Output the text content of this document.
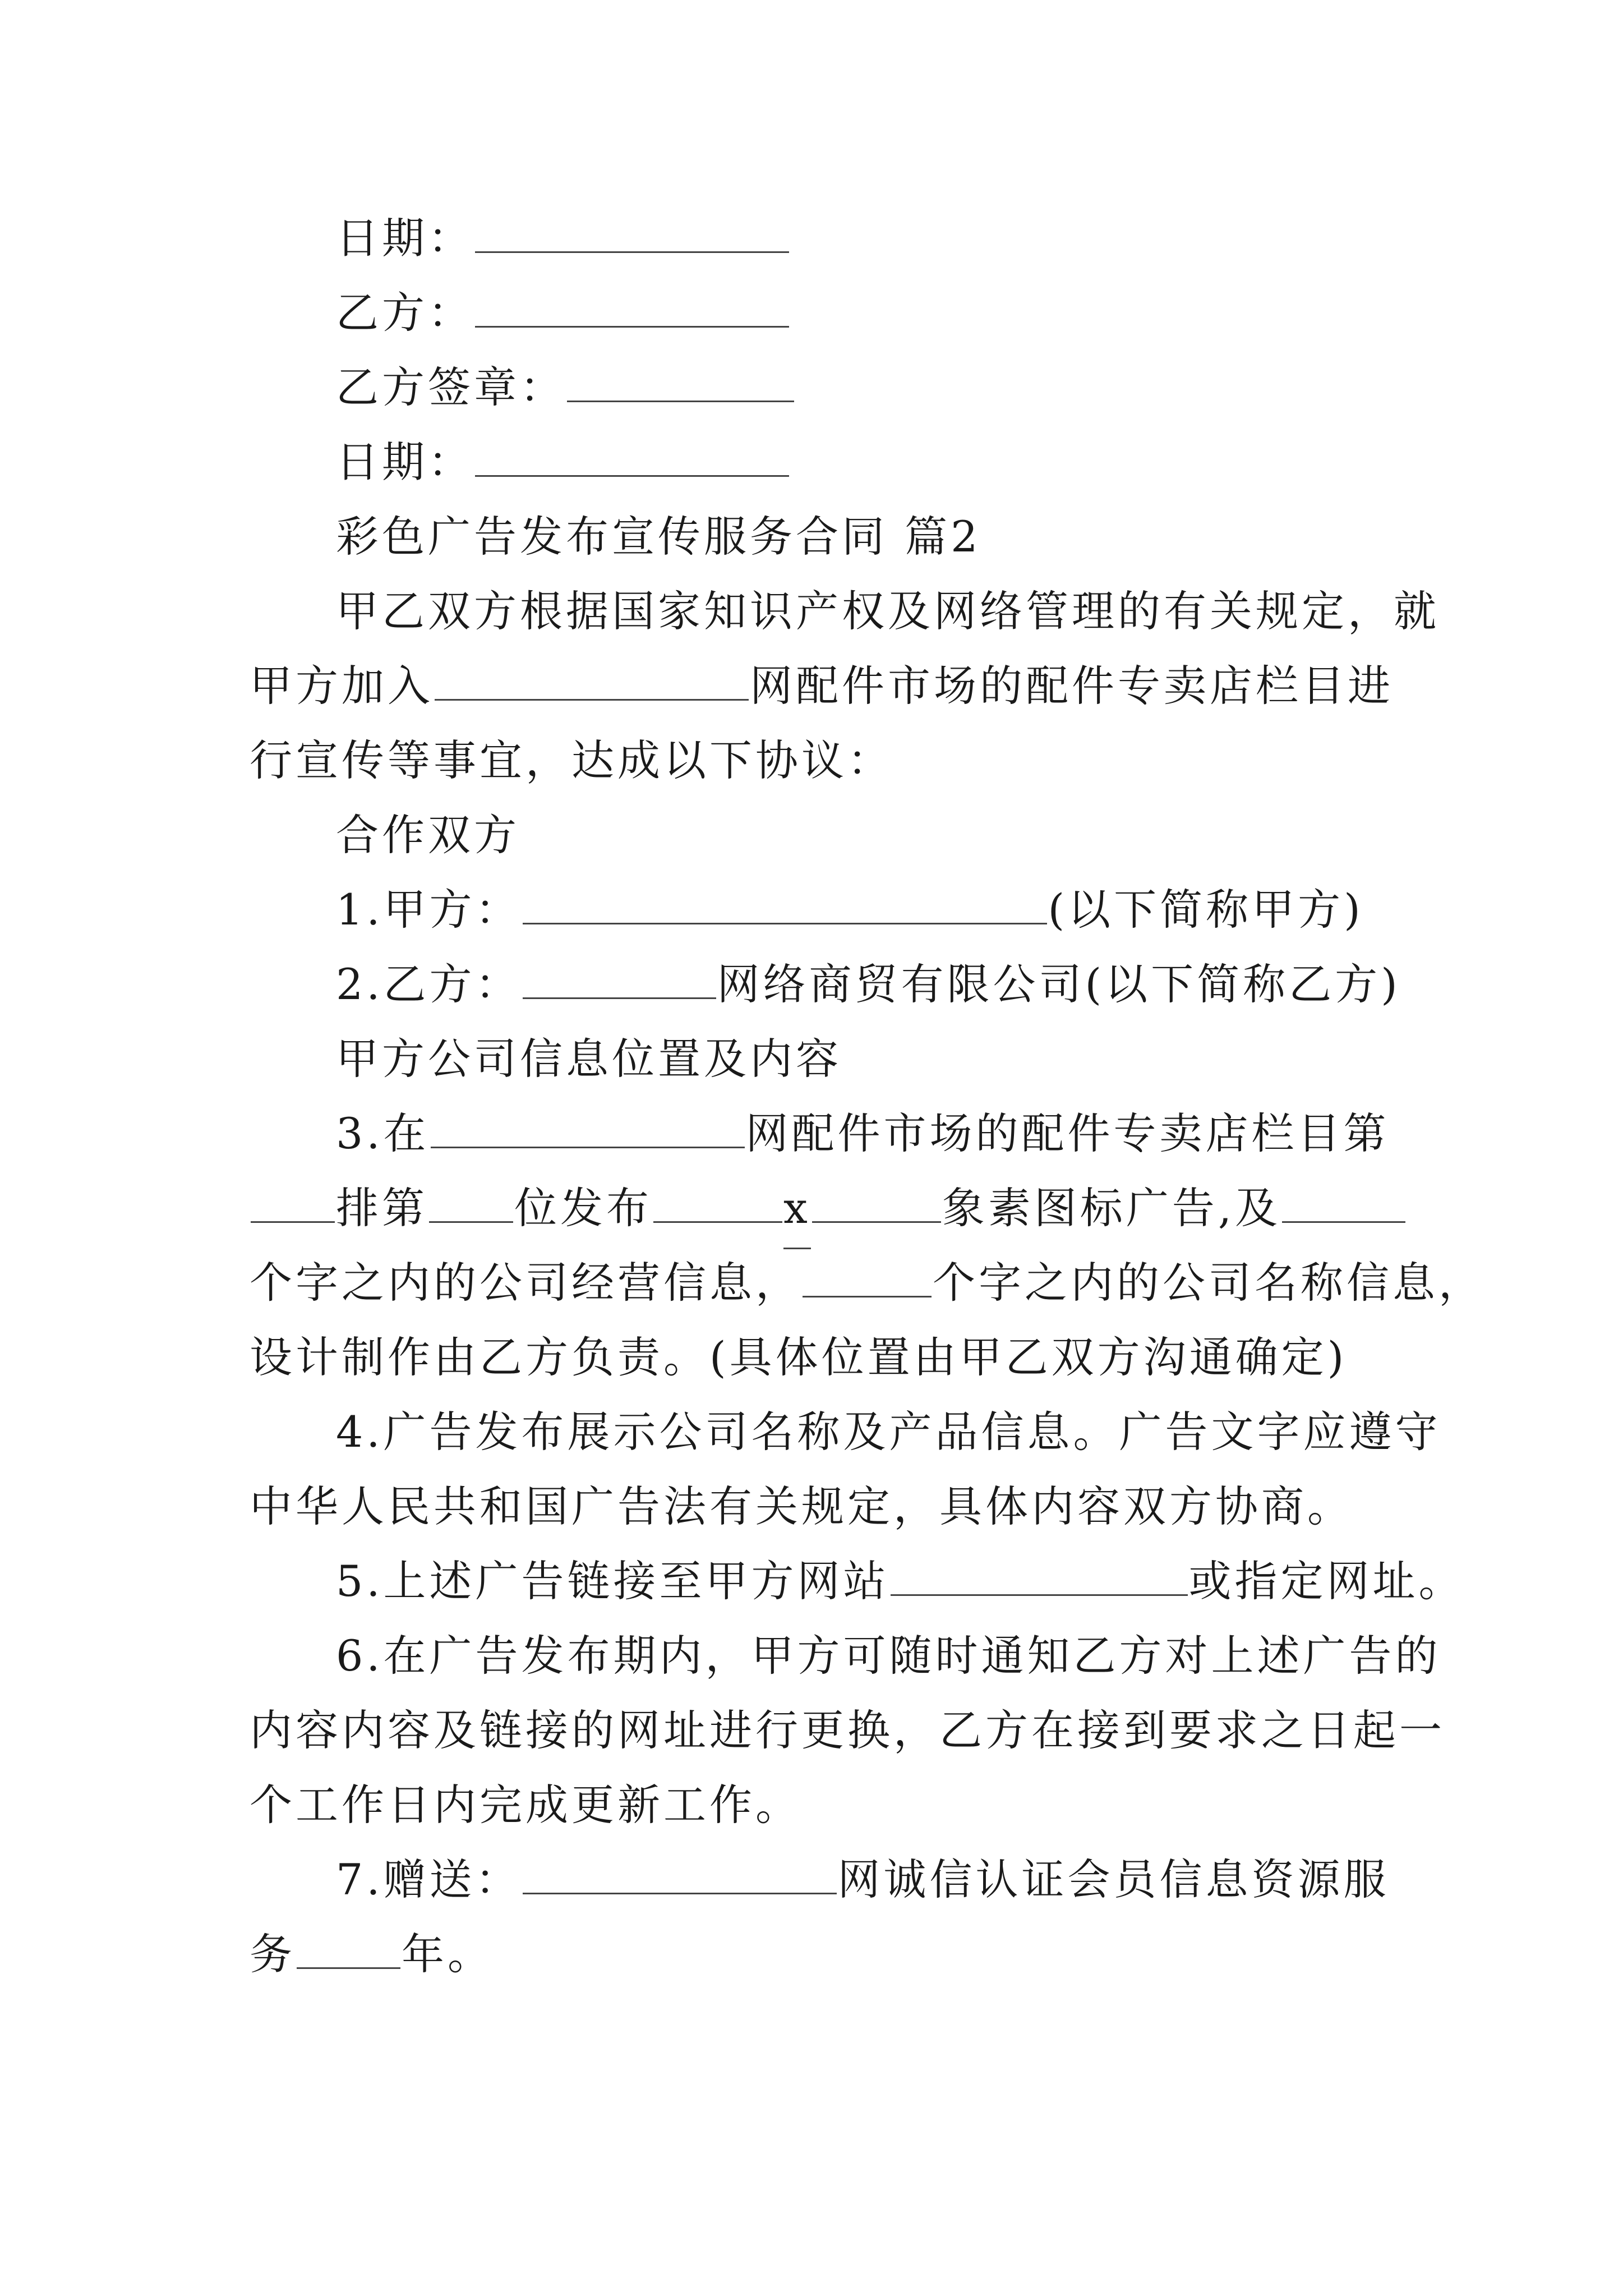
日期：
乙方：
乙方签章：
日期：
彩色广告发布宣传服务合同 篇2
甲乙双方根据国家知识产权及网络管理的有关规定，就
甲方加入	网配件市场的配件专卖店栏目进
行宣传等事宜，达成以下协议：
合作双方
1.甲方：	(以下简称甲方)
2.乙方：	网络商贸有限公司(以下简称乙方)
甲方公司信息位置及内容
3.在	网配件市场的配件专卖店栏目第
排第 位发布	x	象素图标广告,及
个字之内的公司经营信息，	个字之内的公司名称信息，
设计制作由乙方负责。(具体位置由甲乙双方沟通确定)
4.广告发布展示公司名称及产品信息。广告文字应遵守
中华人民共和国广告法有关规定，具体内容双方协商。
5.上述广告链接至甲方网站	或指定网址。
6.在广告发布期内，甲方可随时通知乙方对上述广告的
内容内容及链接的网址进行更换，乙方在接到要求之日起一
个工作日内完成更新工作。
7.赠送：	网诚信认证会员信息资源服
务 年。
